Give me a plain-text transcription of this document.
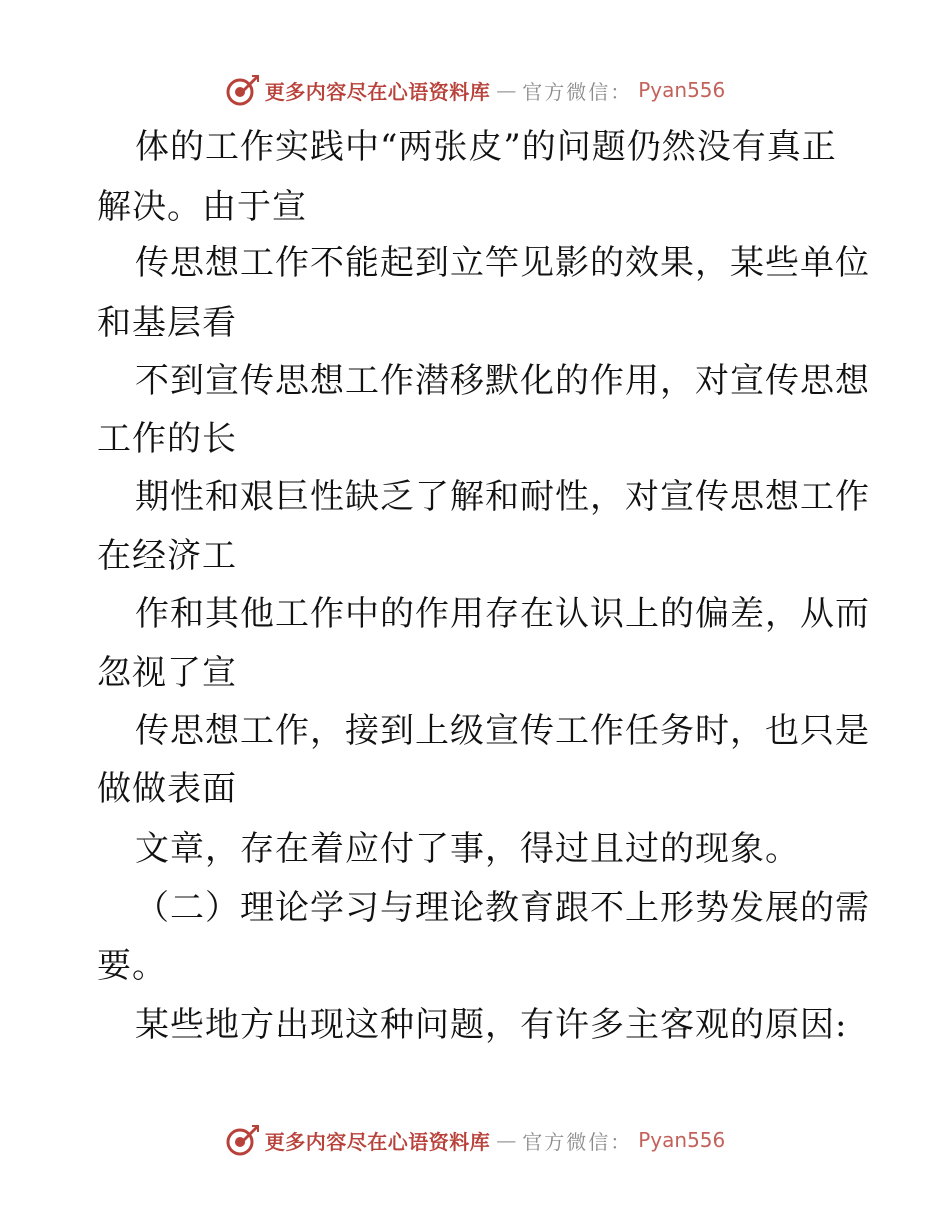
更多内容尽在心语资料库 — 官方微信： Pyan556
体的工作实践中“两张皮”的问题仍然没有真正
解决。由于宣
传思想工作不能起到立竿见影的效果，某些单位
和基层看
不到宣传思想工作潜移默化的作用，对宣传思想
工作的长
期性和艰巨性缺乏了解和耐性，对宣传思想工作
在经济工
作和其他工作中的作用存在认识上的偏差，从而
忽视了宣
传思想工作，接到上级宣传工作任务时，也只是
做做表面
文章，存在着应付了事，得过且过的现象。
（二）理论学习与理论教育跟不上形势发展的需
要。
某些地方出现这种问题，有许多主客观的原因:
更多内容尽在心语资料库 — 官方微信： Pyan556
